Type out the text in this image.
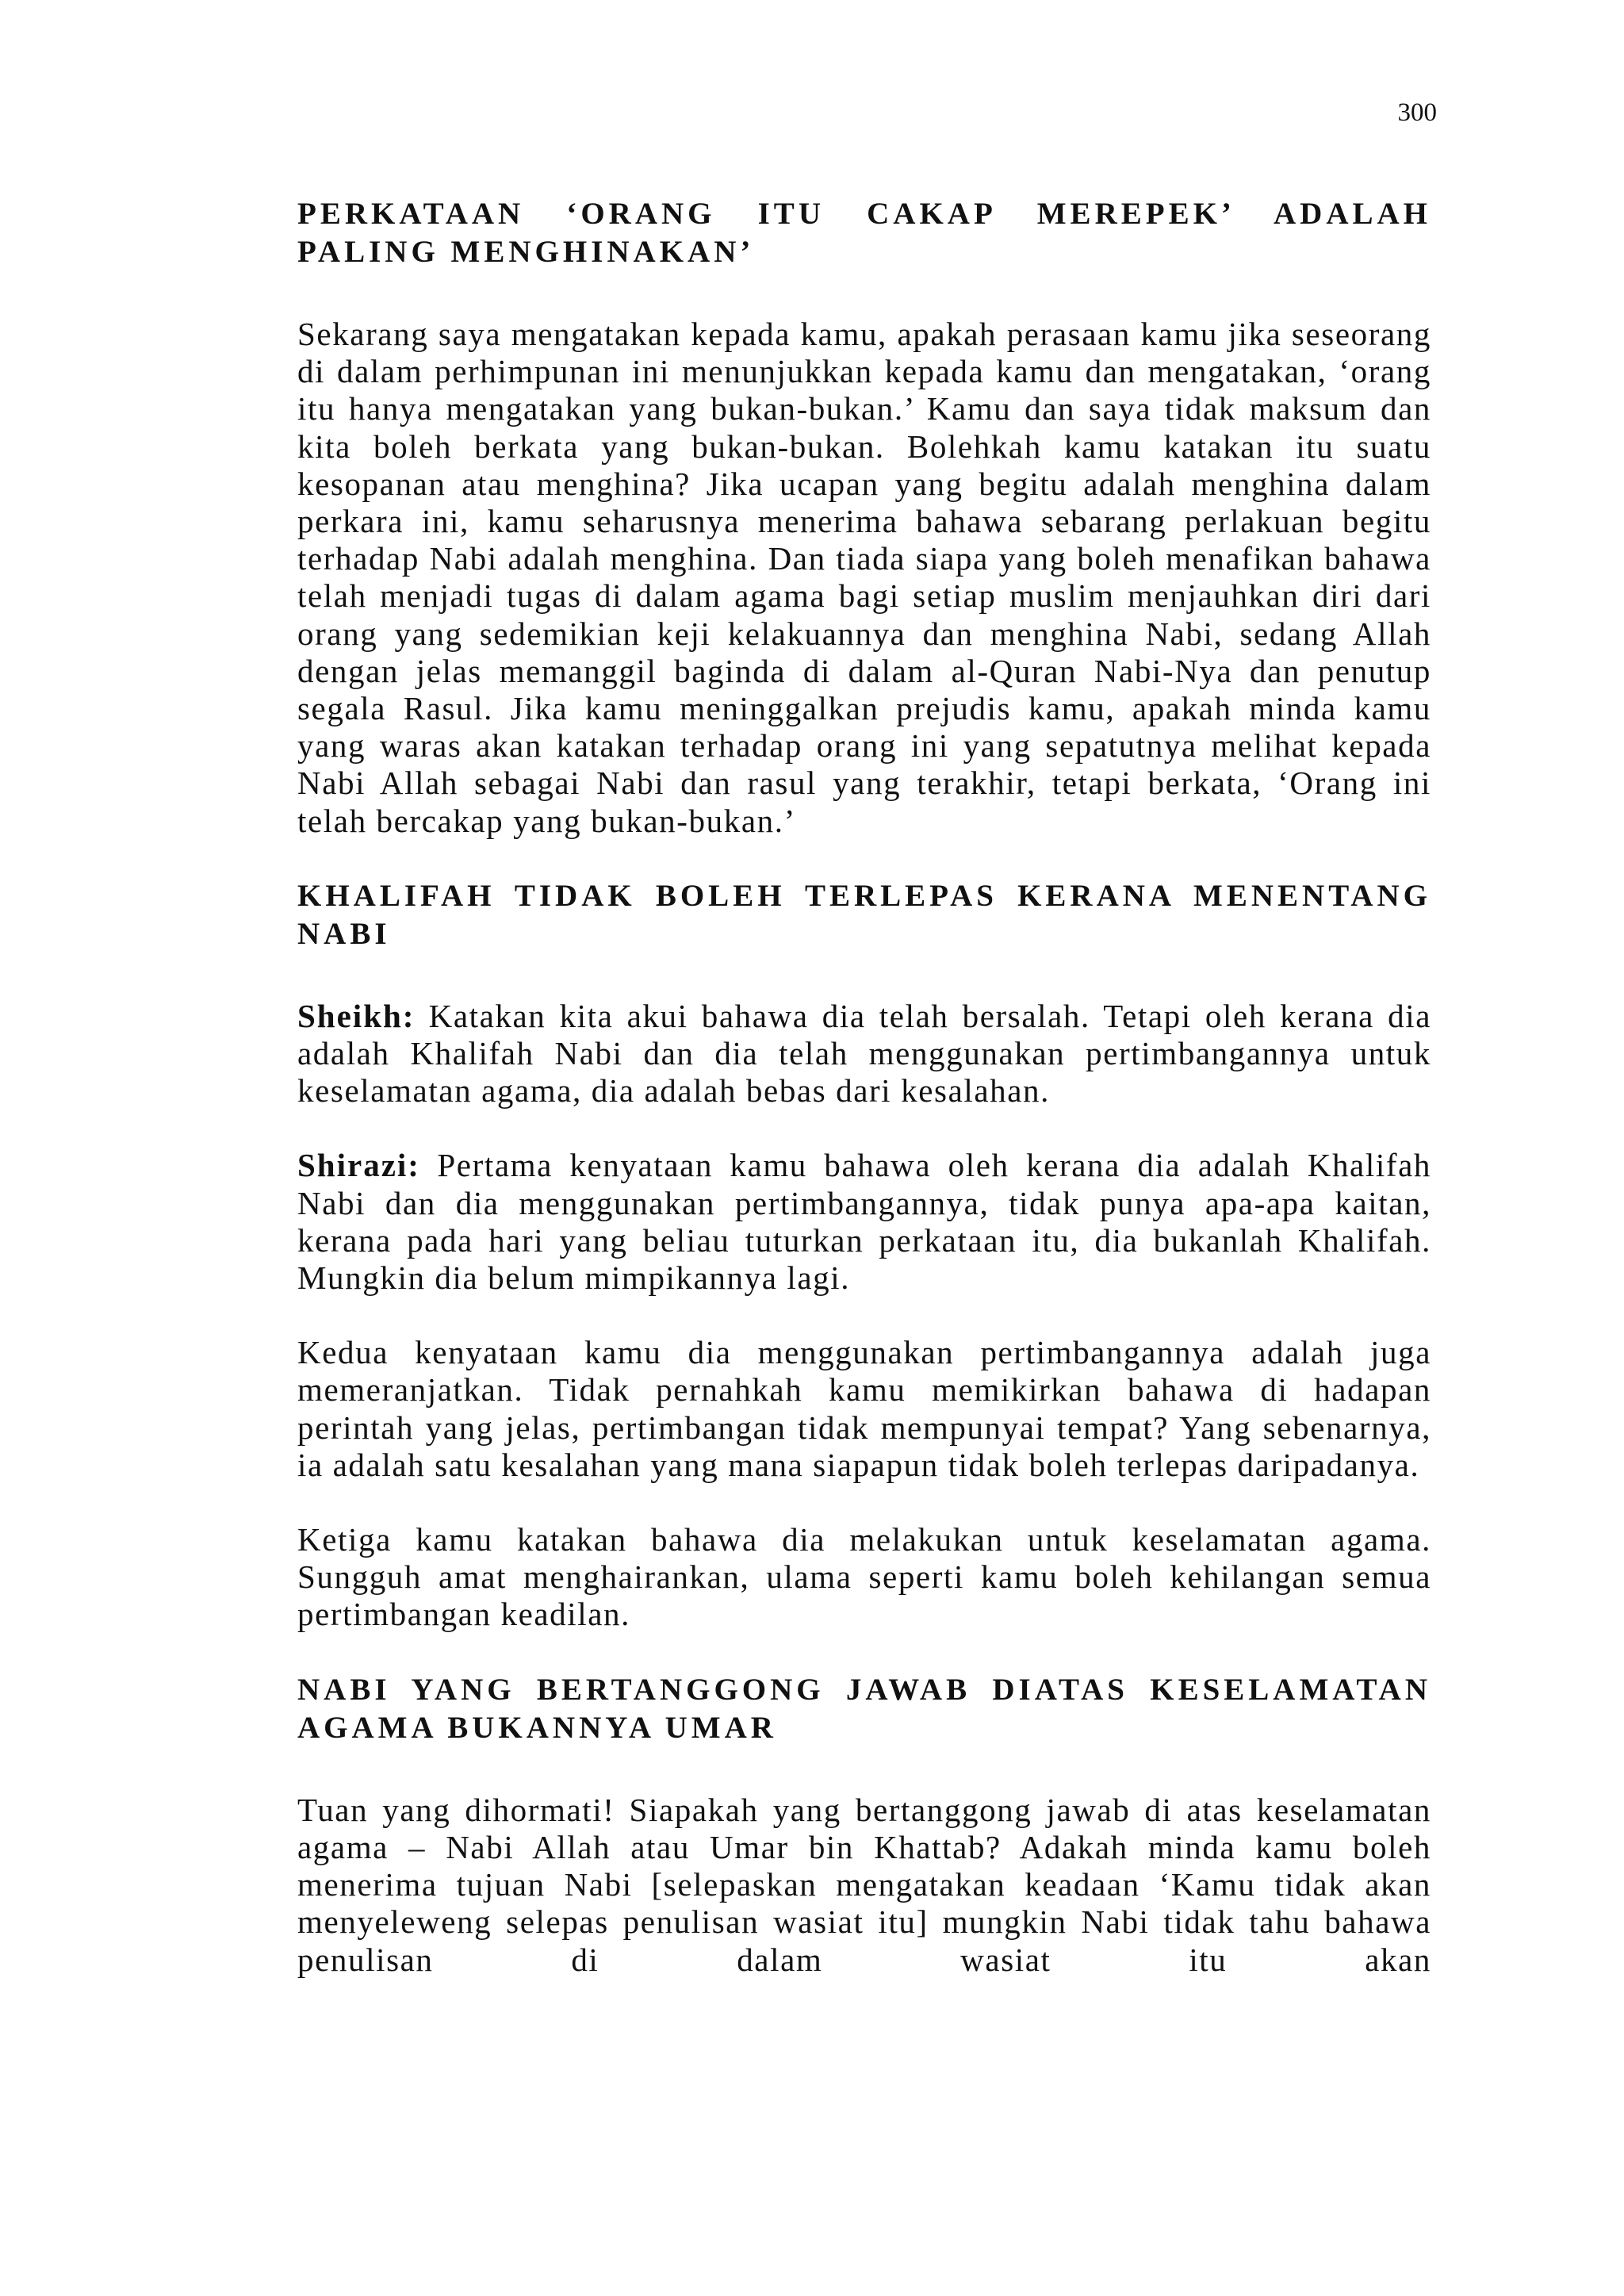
300
PERKATAAN ‘ORANG ITU CAKAP MEREPEK’ ADALAH PALING MENGHINAKAN’

Sekarang saya mengatakan kepada kamu, apakah perasaan kamu jika seseorang di dalam perhimpunan ini menunjukkan kepada kamu dan mengatakan, ‘orang itu hanya mengatakan yang bukan-bukan.’ Kamu dan saya tidak maksum dan kita boleh berkata yang bukan-bukan. Bolehkah kamu katakan itu suatu kesopanan atau menghina? Jika ucapan yang begitu adalah menghina dalam perkara ini, kamu seharusnya menerima bahawa sebarang perlakuan begitu terhadap Nabi adalah menghina. Dan tiada siapa yang boleh menafikan bahawa telah menjadi tugas di dalam agama bagi setiap muslim menjauhkan diri dari orang yang sedemikian keji kelakuannya dan menghina Nabi, sedang Allah dengan jelas memanggil baginda di dalam al-Quran Nabi-Nya dan penutup segala Rasul. Jika kamu meninggalkan prejudis kamu, apakah minda kamu yang waras akan katakan terhadap orang ini yang sepatutnya melihat kepada Nabi Allah sebagai Nabi dan rasul yang terakhir, tetapi berkata, ‘Orang ini telah bercakap yang bukan-bukan.’

KHALIFAH TIDAK BOLEH TERLEPAS KERANA MENENTANG NABI

Sheikh: Katakan kita akui bahawa dia telah bersalah. Tetapi oleh kerana dia adalah Khalifah Nabi dan dia telah menggunakan pertimbangannya untuk keselamatan agama, dia adalah bebas dari kesalahan.

Shirazi: Pertama kenyataan kamu bahawa oleh kerana dia adalah Khalifah Nabi dan dia menggunakan pertimbangannya, tidak punya apa-apa kaitan, kerana pada hari yang beliau tuturkan perkataan itu, dia bukanlah Khalifah. Mungkin dia belum mimpikannya lagi.

Kedua kenyataan kamu dia menggunakan pertimbangannya adalah juga memeranjatkan. Tidak pernahkah kamu memikirkan bahawa di hadapan perintah yang jelas, pertimbangan tidak mempunyai tempat? Yang sebenarnya, ia adalah satu kesalahan yang mana siapapun tidak boleh terlepas daripadanya.

Ketiga kamu katakan bahawa dia melakukan untuk keselamatan agama. Sungguh amat menghairankan, ulama seperti kamu boleh kehilangan semua pertimbangan keadilan.

NABI YANG BERTANGGONG JAWAB DIATAS KESELAMATAN AGAMA BUKANNYA UMAR

Tuan yang dihormati! Siapakah yang bertanggong jawab di atas keselamatan agama – Nabi Allah atau Umar bin Khattab? Adakah minda kamu boleh menerima tujuan Nabi [selepaskan mengatakan keadaan ‘Kamu tidak akan menyeleweng selepas penulisan wasiat itu] mungkin Nabi tidak tahu bahawa penulisan di dalam wasiat itu akan
